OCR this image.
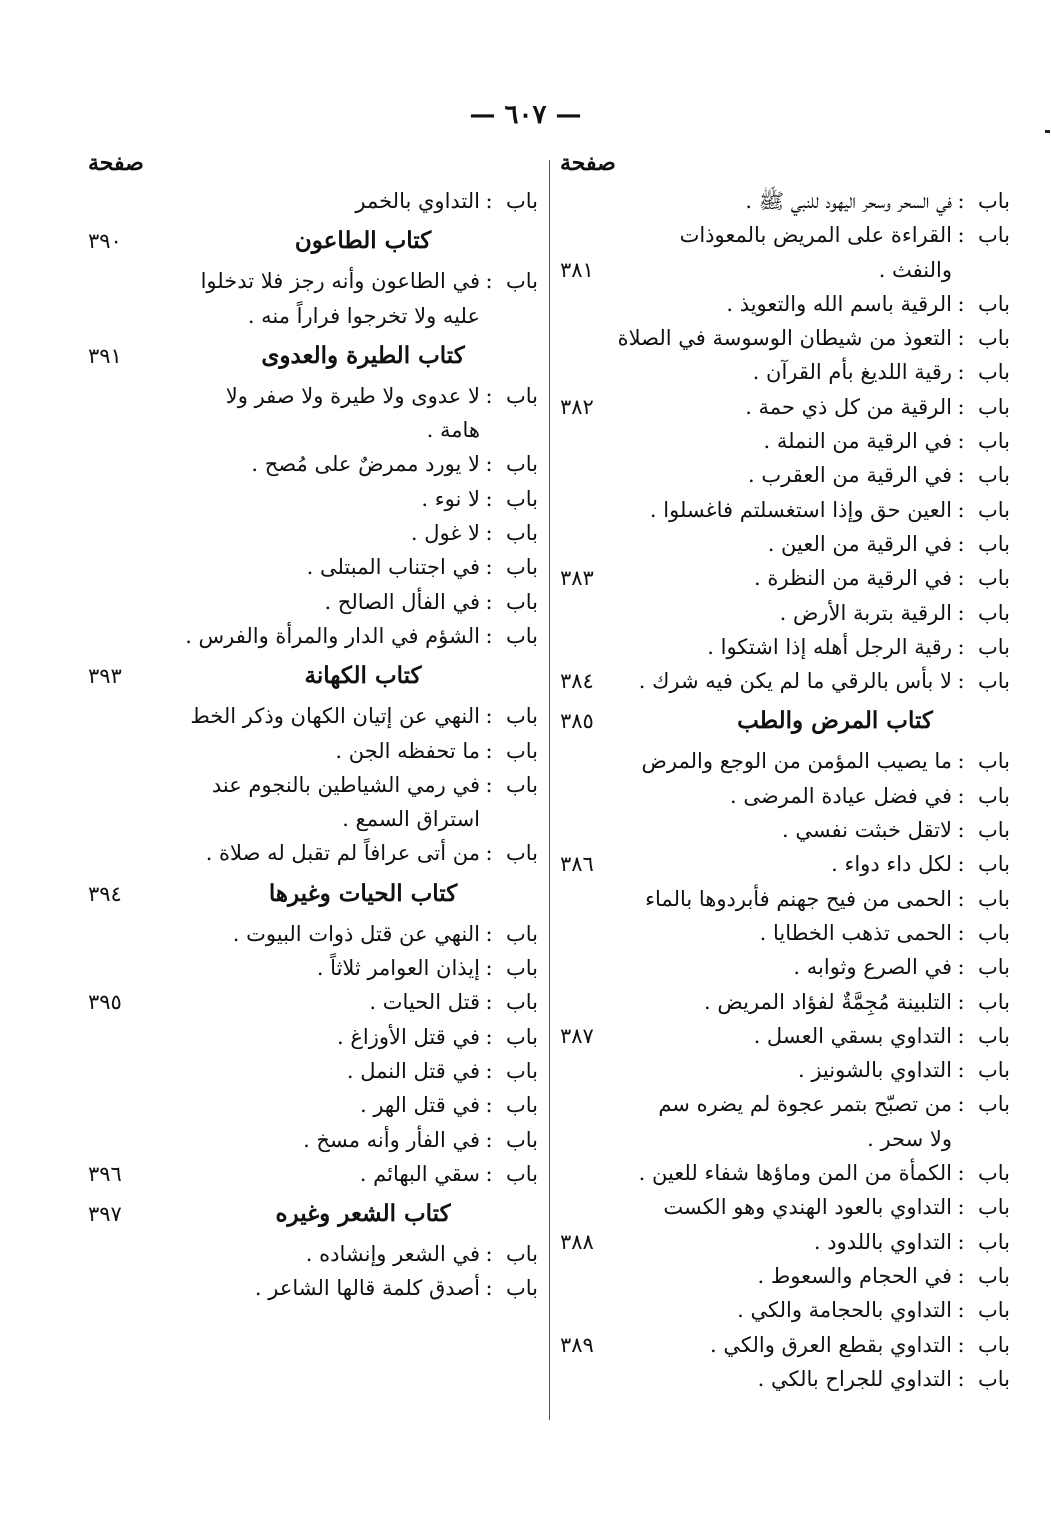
— ٦٠٧ —
صفحة
باب:في السحر وسحر اليهود للنبي ﷺ .
باب:القراءة على المريض بالمعوذات
والنفث .
٣٨١
باب:الرقية باسم الله والتعويذ .
باب:التعوذ من شيطان الوسوسة في الصلاة
باب:رقية اللديغ بأم القرآن .
باب:الرقية من كل ذي حمة .
٣٨٢
باب:في الرقية من النملة .
باب:في الرقية من العقرب .
باب:العين حق وإذا استغسلتم فاغسلوا .
باب:في الرقية من العين .
باب:في الرقية من النظرة .
٣٨٣
باب:الرقية بتربة الأرض .
باب:رقية الرجل أهله إذا اشتكوا .
باب:لا بأس بالرقي ما لم يكن فيه شرك .
٣٨٤
كتاب المرض والطب
٣٨٥
باب:ما يصيب المؤمن من الوجع والمرض
باب:في فضل عيادة المرضى .
باب:لاتقل خبثت نفسي .
باب:لكل داء دواء .
٣٨٦
باب:الحمى من فيح جهنم فأبردوها بالماء
باب:الحمى تذهب الخطايا .
باب:في الصرع وثوابه .
باب:التلبينة مُجِمَّةٌ لفؤاد المريض .
باب:التداوي بسقي العسل .
٣٨٧
باب:التداوي بالشونيز .
باب:من تصبّح بتمر عجوة لم يضره سم
ولا سحر .
باب:الكمأة من المن وماؤها شفاء للعين .
باب:التداوي بالعود الهندي وهو الكست
باب:التداوي باللدود .
٣٨٨
باب:في الحجام والسعوط .
باب:التداوي بالحجامة والكي .
باب:التداوي بقطع العرق والكي .
٣٨٩
باب:التداوي للجراح بالكي .
صفحة
باب:التداوي بالخمر
كتاب الطاعون
٣٩٠
باب:في الطاعون وأنه رجز فلا تدخلوا
عليه ولا تخرجوا فراراً منه .
كتاب الطيرة والعدوى
٣٩١
باب:لا عدوى ولا طيرة ولا صفر ولا
هامة .
باب:لا يورد ممرضٌ على مُصح .
باب:لا نوء .
باب:لا غول .
باب:في اجتناب المبتلى .
باب:في الفأل الصالح .
باب:الشؤم في الدار والمرأة والفرس .
كتاب الكهانة
٣٩٣
باب:النهي عن إتيان الكهان وذكر الخط
باب:ما تحفظه الجن .
باب:في رمي الشياطين بالنجوم عند
استراق السمع .
باب:من أتى عرافاً لم تقبل له صلاة .
كتاب الحيات وغيرها
٣٩٤
باب:النهي عن قتل ذوات البيوت .
باب:إيذان العوامر ثلاثاً .
باب:قتل الحيات .
٣٩٥
باب:في قتل الأوزاغ .
باب:في قتل النمل .
باب:في قتل الهر .
باب:في الفأر وأنه مسخ .
باب:سقي البهائم .
٣٩٦
كتاب الشعر وغيره
٣٩٧
باب:في الشعر وإنشاده .
باب:أصدق كلمة قالها الشاعر .
